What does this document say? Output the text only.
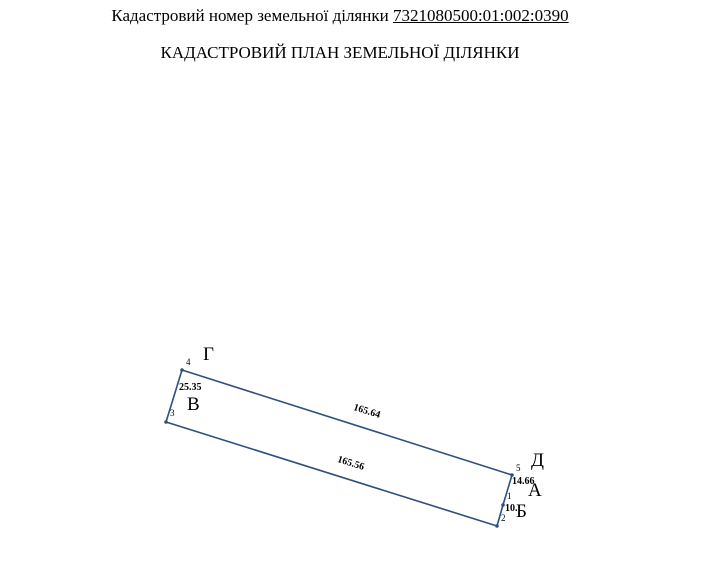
Кадастровий номер земельної ділянки 7321080500:01:002:0390
КАДАСТРОВИЙ ПЛАН ЗЕМЕЛЬНОЇ ДІЛЯНКИ
1
2
3
4
5
10.
165.56
25.35
165.64
14.66
А
Б
В
Г
Д
